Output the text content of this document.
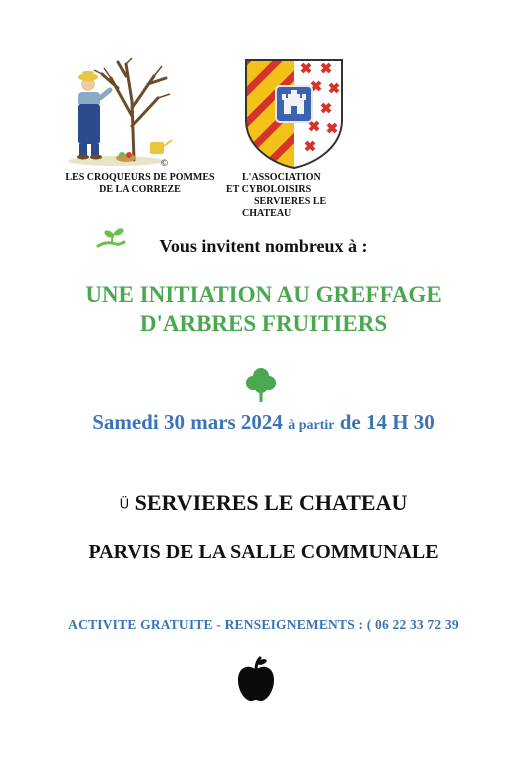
©
LES CROQUEURS DE POMMES DE LA CORREZE
L'ASSOCIATION
ET CYBOLOISIRS
SERVIERES LE
CHATEAU
Vous invitent nombreux à :
UNE INITIATION AU GREFFAGE D'ARBRES FRUITIERS
Samedi 30 mars 2024 à partir de 14 H 30
Ü SERVIERES LE CHATEAU
PARVIS DE LA SALLE COMMUNALE
ACTIVITE GRATUITE - RENSEIGNEMENTS : ( 06 22 33 72 39
